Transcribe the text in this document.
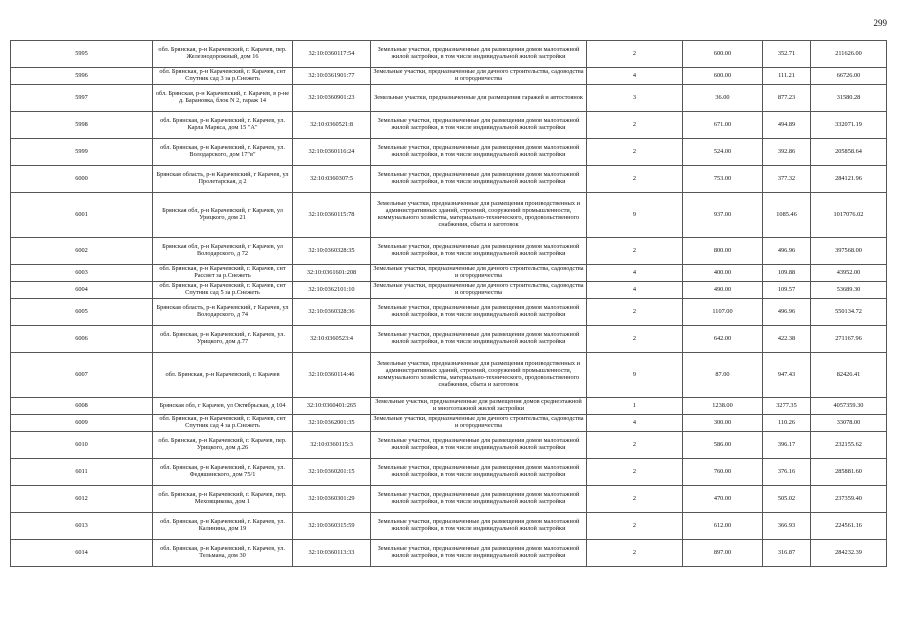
299
5995	обл. Брянская, р-н Карачевский, г. Карачев, пер. Железнодорожный, дом 16	32:10:0360117:54	Земельные участки, предназначенные для размещения домов малоэтажной жилой застройки, в том числе индивидуальной жилой застройки	2	600.00	352.71	211626.00
5996	обл. Брянская, р-н Карачевский, г. Карачев, снт Спутник сад 3 за р.Снежеть	32:10:0361901:77	Земельные участки, предназначенные для дачного строительства, садоводства и огородничества	4	600.00	111.21	66726.00
5997	обл. Брянская, р-н Карачевский, г. Карачев, в р-не д. Барановка, блок N 2, гараж 14	32:10:0360901:23	Земельные участки, предназначенные для размещения гаражей и автостоянок	3	36.00	877.23	31580.28
5998	обл. Брянская, р-н Карачевский, г. Карачев, ул. Карла Маркса, дом 15 "А"	32:10:0360521:8	Земельные участки, предназначенные для размещения домов малоэтажной жилой застройки, в том числе индивидуальной жилой застройки	2	671.00	494.89	332071.19
5999	обл. Брянская, р-н Карачевский, г. Карачев, ул. Володарского, дом 17"в"	32:10:0360116:24	Земельные участки, предназначенные для размещения домов малоэтажной жилой застройки, в том числе индивидуальной жилой застройки	2	524.00	392.86	205858.64
6000	Брянская область, р-н Карачевский, г Карачев, ул Пролетарская, д 2	32:10:0360307:5	Земельные участки, предназначенные для размещения домов малоэтажной жилой застройки, в том числе индивидуальной жилой застройки	2	753.00	377.32	284121.96
6001	Брянская обл, р-н Карачевский, г Карачев, ул Урицкого, дом 21	32:10:0360115:78	Земельные участки, предназначенные для размещения производственных и административных зданий, строений, сооружений промышленности, коммунального хозяйства, материально-технического, продовольственного снабжения, сбыта и заготовок	9	937.00	1085.46	1017076.02
6002	Брянская обл, р-н Карачевский, г Карачев, ул Володарского, д 72	32:10:0360328:35	Земельные участки, предназначенные для размещения домов малоэтажной жилой застройки, в том числе индивидуальной жилой застройки	2	800.00	496.96	397568.00
6003	обл. Брянская, р-н Карачевский, г. Карачев, снт Рассвет за р.Снежеть	32:10:0361601:208	Земельные участки, предназначенные для дачного строительства, садоводства и огородничества	4	400.00	109.88	43952.00
6004	обл. Брянская, р-н Карачевский, г. Карачев, снт Спутник сад 5 за р.Снежеть	32:10:0362101:10	Земельные участки, предназначенные для дачного строительства, садоводства и огородничества	4	490.00	109.57	53689.30
6005	Брянская область, р-н Карачевский, г Карачев, ул Володарского, д 74	32:10:0360328:36	Земельные участки, предназначенные для размещения домов малоэтажной жилой застройки, в том числе индивидуальной жилой застройки	2	1107.00	496.96	550134.72
6006	обл. Брянская, р-н Карачевский, г. Карачев, ул. Урицкого, дом д.77	32:10:0360523:4	Земельные участки, предназначенные для размещения домов малоэтажной жилой застройки, в том числе индивидуальной жилой застройки	2	642.00	422.38	271167.96
6007	обл. Брянская, р-н Карачевский, г. Карачев	32:10:0360114:46	Земельные участки, предназначенные для размещения производственных и административных зданий, строений, сооружений промышленности, коммунального хозяйства, материально-технического, продовольственного снабжения, сбыта и заготовок	9	87.00	947.43	82426.41
6008	Брянская обл, г Карачев, ул Октябрьская, д 104	32:10:0360401:265	Земельные участки, предназначенные для размещения домов среднеэтажной и многоэтажной жилой застройки	1	1238.00	3277.35	4057359.30
6009	обл. Брянская, р-н Карачевский, г. Карачев, снт Спутник сад 4 за р.Снежеть	32:10:0362001:35	Земельные участки, предназначенные для дачного строительства, садоводства и огородничества	4	300.00	110.26	33078.00
6010	обл. Брянская, р-н Карачевский, г. Карачев, пер. Урицкого, дом д.26	32:10:0360115:3	Земельные участки, предназначенные для размещения домов малоэтажной жилой застройки, в том числе индивидуальной жилой застройки	2	586.00	396.17	232155.62
6011	обл. Брянская, р-н Карачевский, г. Карачев, ул. Федяшинского, дом 75/1	32:10:0360201:15	Земельные участки, предназначенные для размещения домов малоэтажной жилой застройки, в том числе индивидуальной жилой застройки	2	760.00	376.16	285881.60
6012	обл. Брянская, р-н Карачевский, г. Карачев, пер. Меховщикова, дом 1	32:10:0360301:29	Земельные участки, предназначенные для размещения домов малоэтажной жилой застройки, в том числе индивидуальной жилой застройки	2	470.00	505.02	237359.40
6013	обл. Брянская, р-н Карачевский, г. Карачев, ул. Калинина, дом 19	32:10:0360315:59	Земельные участки, предназначенные для размещения домов малоэтажной жилой застройки, в том числе индивидуальной жилой застройки	2	612.00	366.93	224561.16
6014	обл. Брянская, р-н Карачевский, г. Карачев, ул. Тельмана, дом 30	32:10:0360113:33	Земельные участки, предназначенные для размещения домов малоэтажной жилой застройки, в том числе индивидуальной жилой застройки	2	897.00	316.87	284232.39
